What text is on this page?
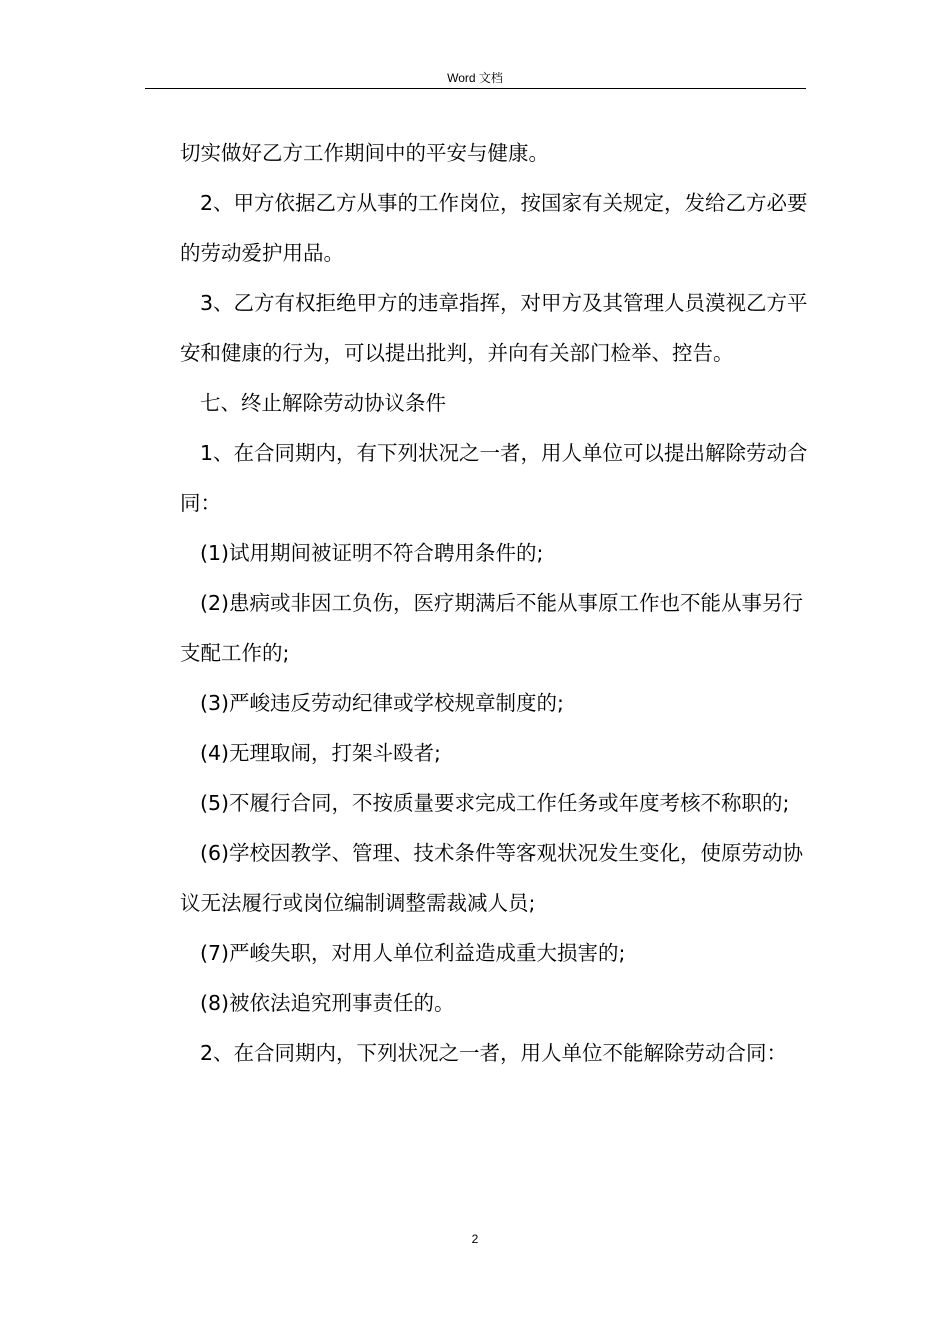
Word 文档

切实做好乙方工作期间中的平安与健康。

2、甲方依据乙方从事的工作岗位，按国家有关规定，发给乙方必要的劳动爱护用品。

3、乙方有权拒绝甲方的违章指挥，对甲方及其管理人员漠视乙方平安和健康的行为，可以提出批判，并向有关部门检举、控告。

七、终止解除劳动协议条件

1、在合同期内，有下列状况之一者，用人单位可以提出解除劳动合同：

(1)试用期间被证明不符合聘用条件的;

(2)患病或非因工负伤，医疗期满后不能从事原工作也不能从事另行支配工作的;

(3)严峻违反劳动纪律或学校规章制度的;

(4)无理取闹，打架斗殴者;

(5)不履行合同，不按质量要求完成工作任务或年度考核不称职的;

(6)学校因教学、管理、技术条件等客观状况发生变化，使原劳动协议无法履行或岗位编制调整需裁减人员;

(7)严峻失职，对用人单位利益造成重大损害的;

(8)被依法追究刑事责任的。

2、在合同期内，下列状况之一者，用人单位不能解除劳动合同：

2
